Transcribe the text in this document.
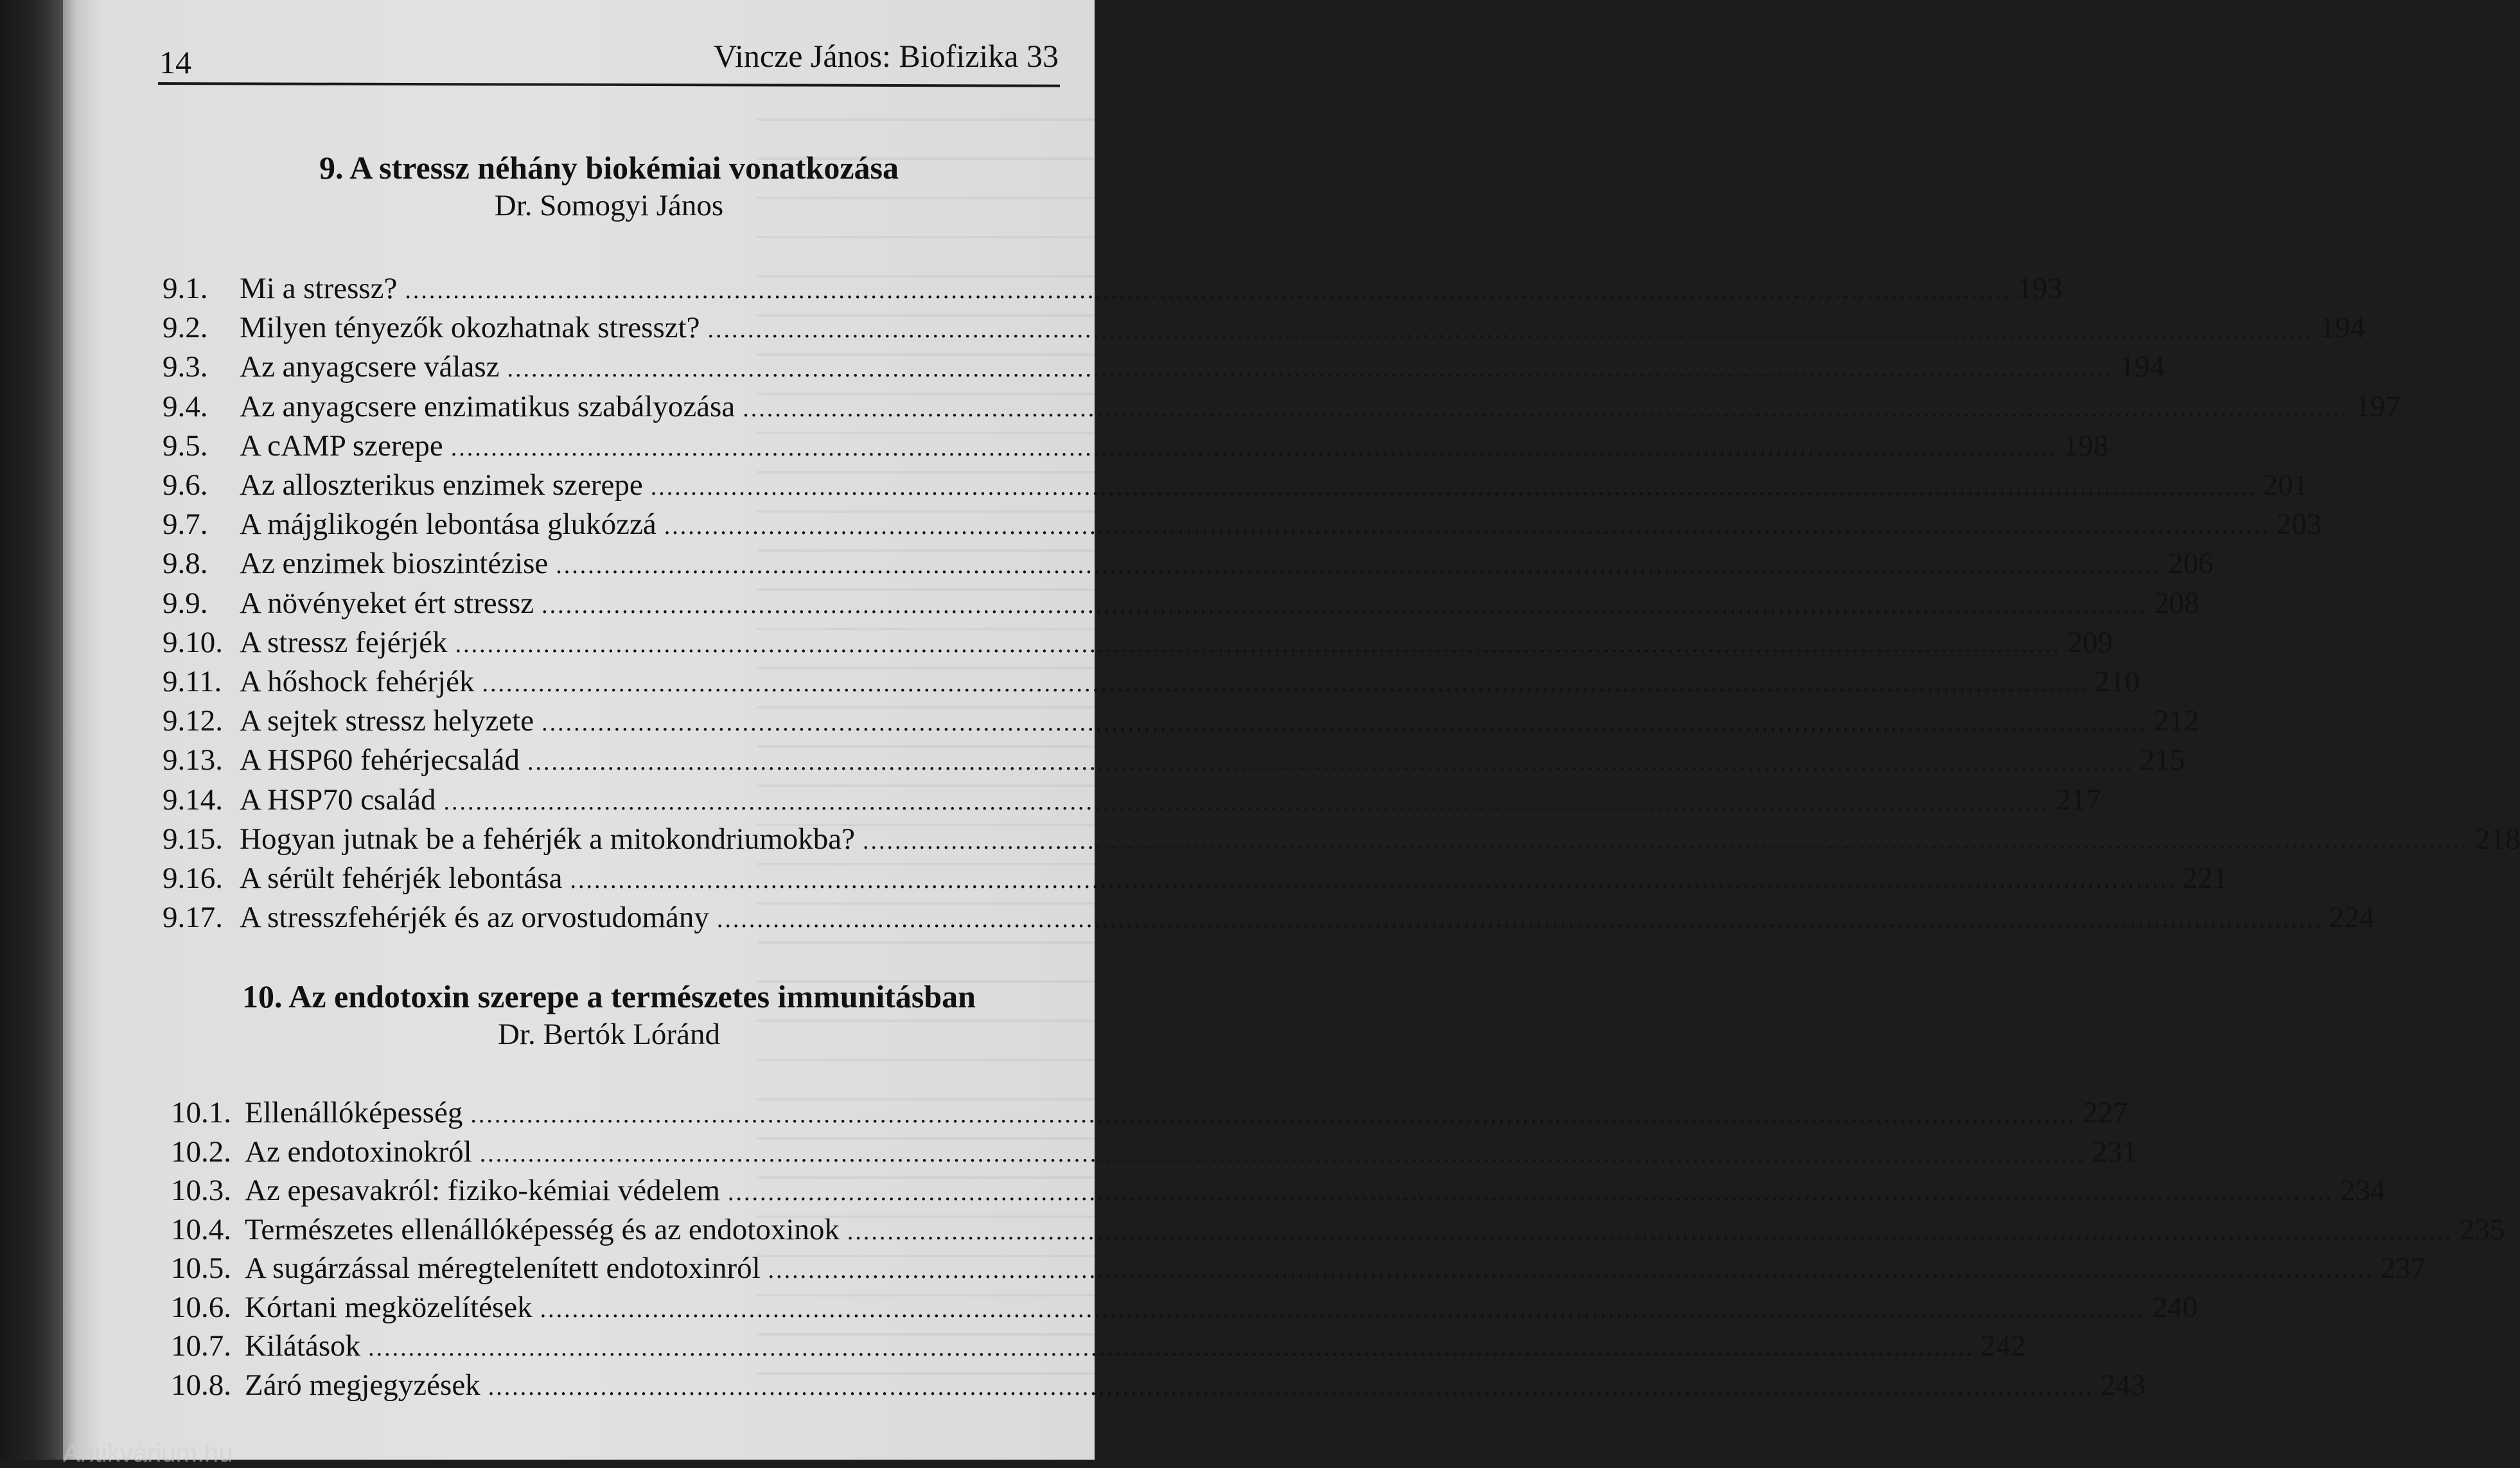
14	Vincze János: Biofizika 33
9. A stressz néhány biokémiai vonatkozása
Dr. Somogyi János
9.1.	Mi a stressz? ........................................................................................................................................................................................................ 193
9.2.	Milyen tényezők okozhatnak stresszt? ........................................................................................................................................................................................................ 194
9.3.	Az anyagcsere válasz ........................................................................................................................................................................................................ 194
9.4.	Az anyagcsere enzimatikus szabályozása ........................................................................................................................................................................................................ 197
9.5.	A cAMP szerepe ........................................................................................................................................................................................................ 198
9.6.	Az alloszterikus enzimek szerepe ........................................................................................................................................................................................................ 201
9.7.	A májglikogén lebontása glukózzá ........................................................................................................................................................................................................ 203
9.8.	Az enzimek bioszintézise ........................................................................................................................................................................................................ 206
9.9.	A növényeket ért stressz ........................................................................................................................................................................................................ 208
9.10. A stressz fejérjék ........................................................................................................................................................................................................ 209
9.11. A hőshock fehérjék ........................................................................................................................................................................................................ 210
9.12. A sejtek stressz helyzete ........................................................................................................................................................................................................ 212
9.13. A HSP60 fehérjecsalád ........................................................................................................................................................................................................ 215
9.14. A HSP70 család ........................................................................................................................................................................................................ 217
9.15. Hogyan jutnak be a fehérjék a mitokondriumokba? ........................................................................................................................................................................................................ 218
9.16. A sérült fehérjék lebontása ........................................................................................................................................................................................................ 221
9.17. A stresszfehérjék és az orvostudomány ........................................................................................................................................................................................................ 224
10. Az endotoxin szerepe a természetes immunitásban
Dr. Bertók Lóránd
10.1. Ellenállóképesség ........................................................................................................................................................................................................ 227
10.2. Az endotoxinokról ........................................................................................................................................................................................................ 231
10.3. Az epesavakról: fiziko-kémiai védelem ........................................................................................................................................................................................................ 234
10.4. Természetes ellenállóképesség és az endotoxinok ........................................................................................................................................................................................................ 235
10.5. A sugárzással méregtelenített endotoxinról ........................................................................................................................................................................................................ 237
10.6. Kórtani megközelítések ........................................................................................................................................................................................................ 240
10.7. Kilátások ........................................................................................................................................................................................................ 242
10.8. Záró megjegyzések ........................................................................................................................................................................................................ 243
Antikvárium.hu
